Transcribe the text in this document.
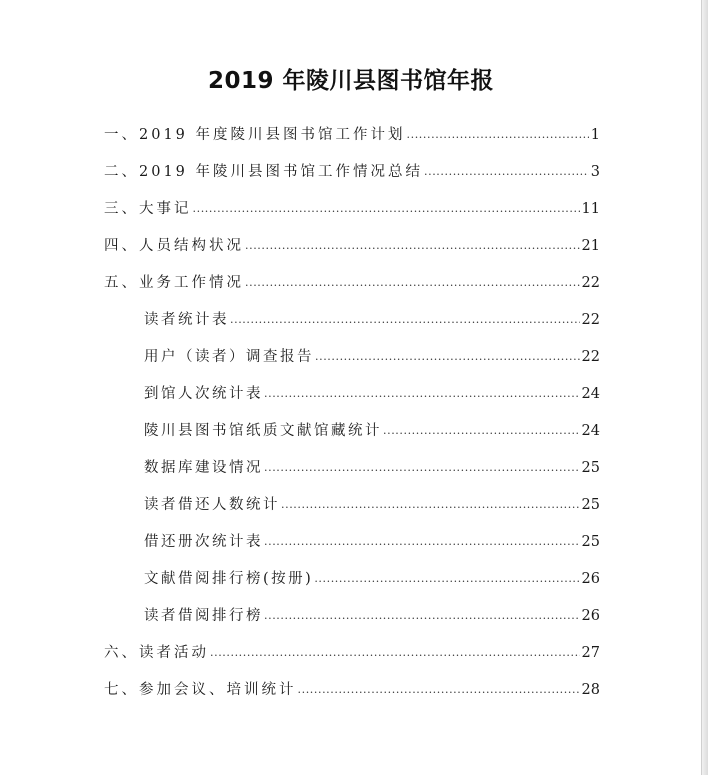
2019 年陵川县图书馆年报
一、 2019 年度陵川县图书馆工作计划 .....	1
二、 2019 年陵川县图书馆工作情况总结 .....	3
三、 大事记 .....	11
四、 人员结构状况 .....	21
五、 业务工作情况 .....	22
读者统计表 .....	22
用户（读者）调查报告 .....	22
到馆人次统计表 .....	24
陵川县图书馆纸质文献馆藏统计 .....	24
数据库建设情况 .....	25
读者借还人数统计 .....	25
借还册次统计表 .....	25
文献借阅排行榜(按册) .....	26
读者借阅排行榜 .....	26
六、 读者活动 .....	27
七、 参加会议、培训统计 .....	28
